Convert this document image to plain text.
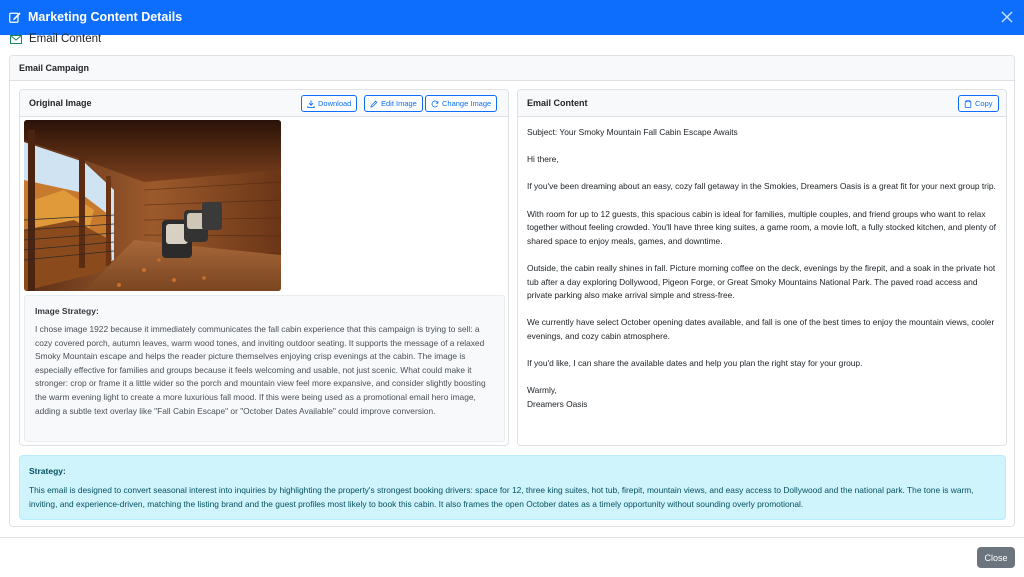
Marketing Content Details
Email Content
Email Campaign
Original Image	Download	Edit Image	Change Image
Image Strategy:
I chose image 1922 because it immediately communicates the fall cabin experience that this campaign is trying to sell: a cozy covered porch, autumn leaves, warm wood tones, and inviting outdoor seating. It supports the message of a relaxed Smoky Mountain escape and helps the reader picture themselves enjoying crisp evenings at the cabin. The image is especially effective for families and groups because it feels welcoming and usable, not just scenic. What could make it stronger: crop or frame it a little wider so the porch and mountain view feel more expansive, and consider slightly boosting the warm evening light to create a more luxurious fall mood. If this were being used as a promotional email hero image, adding a subtle text overlay like "Fall Cabin Escape" or "October Dates Available" could improve conversion.
Email Content	Copy

Subject: Your Smoky Mountain Fall Cabin Escape Awaits

Hi there,

If you've been dreaming about an easy, cozy fall getaway in the Smokies, Dreamers Oasis is a great fit for your next group trip.

With room for up to 12 guests, this spacious cabin is ideal for families, multiple couples, and friend groups who want to relax together without feeling crowded. You'll have three king suites, a game room, a movie loft, a fully stocked kitchen, and plenty of shared space to enjoy meals, games, and downtime.

Outside, the cabin really shines in fall. Picture morning coffee on the deck, evenings by the firepit, and a soak in the private hot tub after a day exploring Dollywood, Pigeon Forge, or Great Smoky Mountains National Park. The paved road access and private parking also make arrival simple and stress-free.

We currently have select October opening dates available, and fall is one of the best times to enjoy the mountain views, cooler evenings, and cozy cabin atmosphere.

If you'd like, I can share the available dates and help you plan the right stay for your group.

Warmly,
Dreamers Oasis

Strategy:
This email is designed to convert seasonal interest into inquiries by highlighting the property's strongest booking drivers: space for 12, three king suites, hot tub, firepit, mountain views, and easy access to Dollywood and the national park. The tone is warm, inviting, and experience-driven, matching the listing brand and the guest profiles most likely to book this cabin. It also frames the open October dates as a timely opportunity without sounding overly promotional.
Close
